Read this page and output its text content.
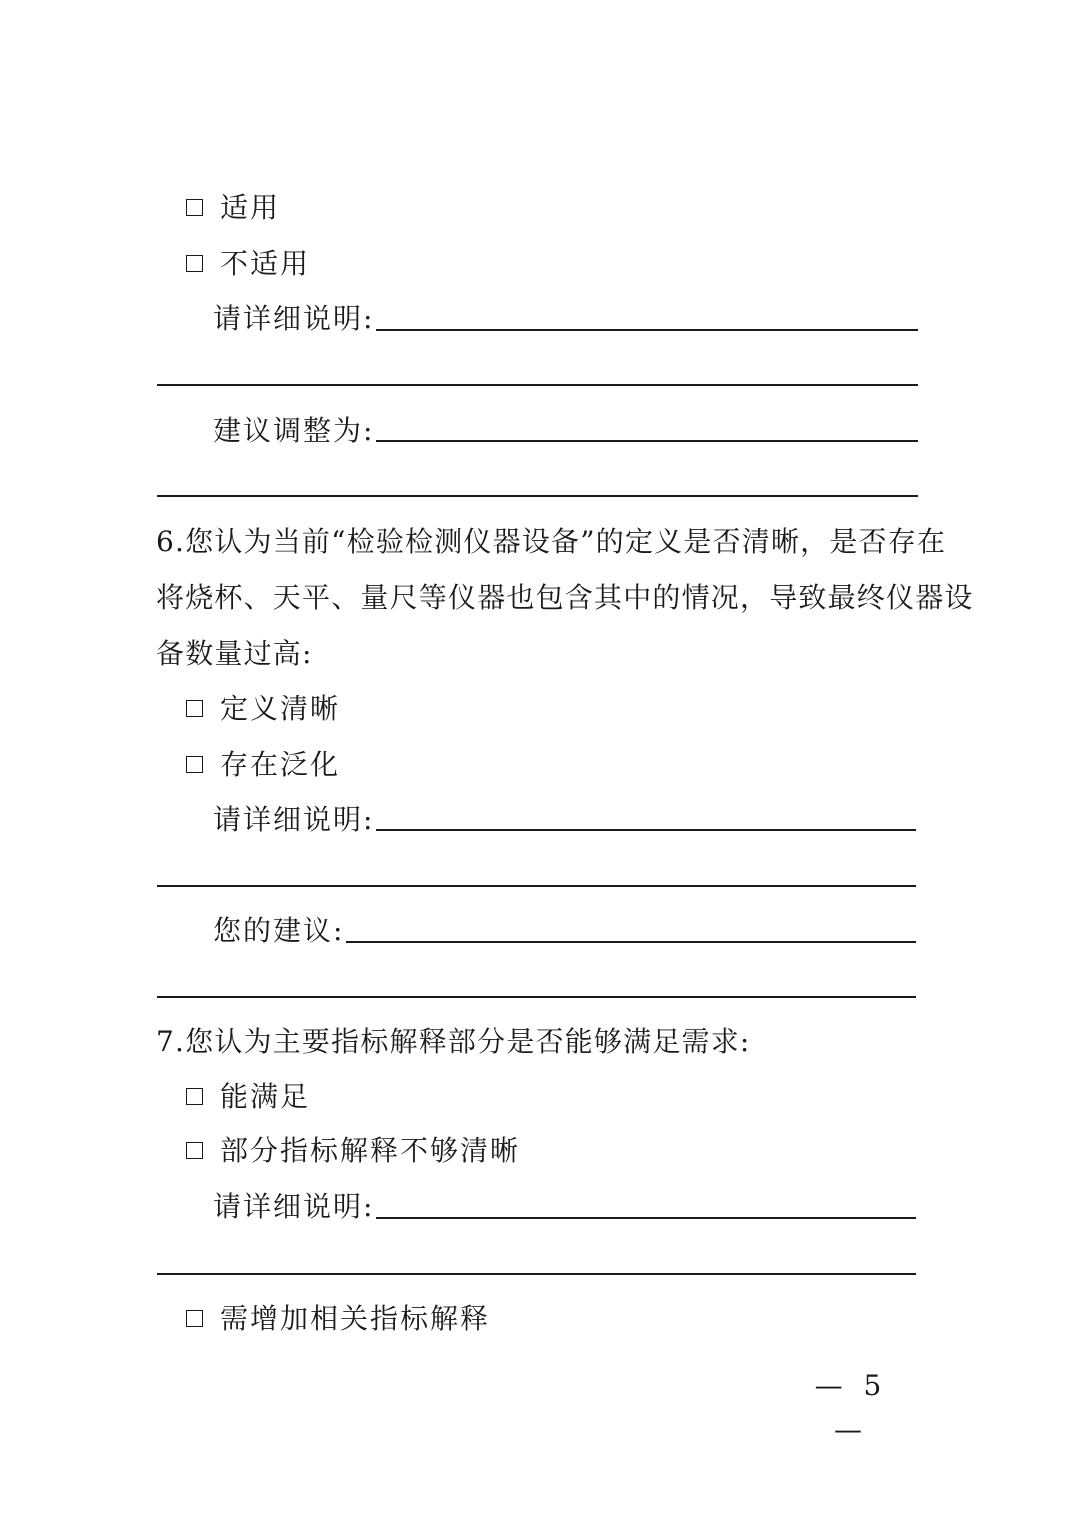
适用
不适用
请详细说明:
建议调整为:
6.您认为当前“检验检测仪器设备”的定义是否清晰，是否存在
将烧杯、天平、量尺等仪器也包含其中的情况，导致最终仪器设
备数量过高:
定义清晰
存在泛化
请详细说明:
您的建议:
7.您认为主要指标解释部分是否能够满足需求:
能满足
部分指标解释不够清晰
请详细说明:
需增加相关指标解释
— 5 —
